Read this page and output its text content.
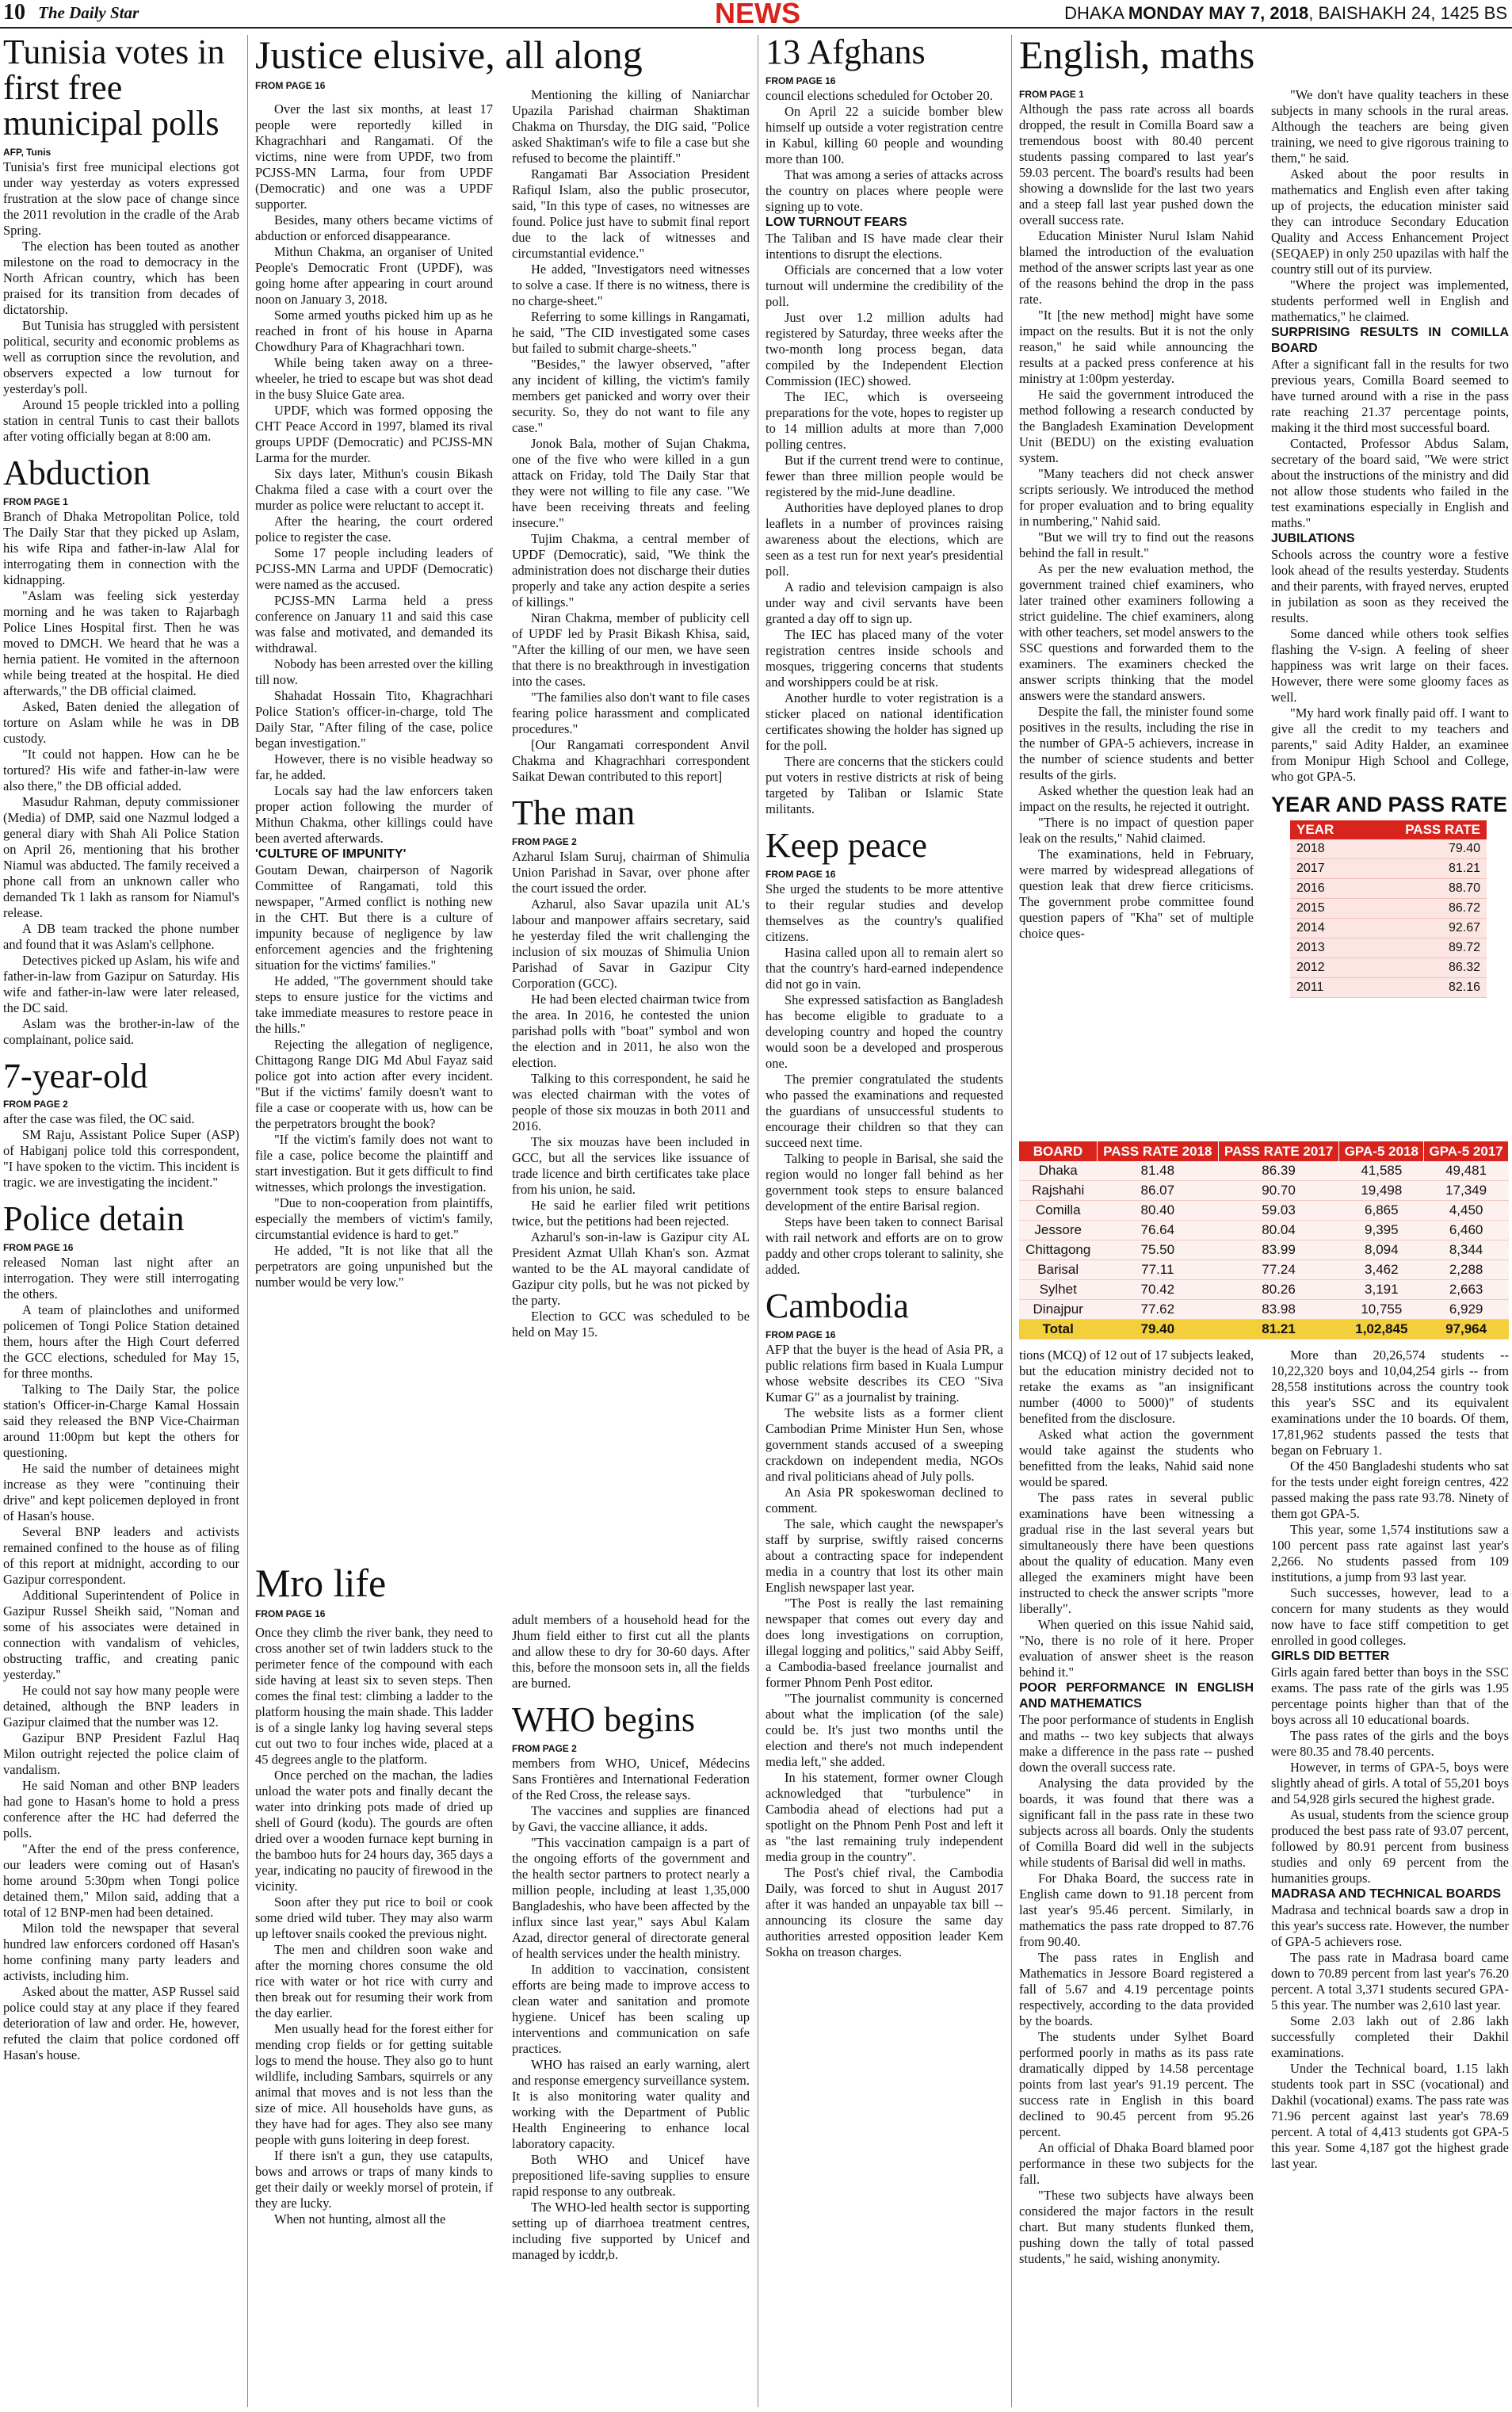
10 The Daily Star	NEWS	DHAKA MONDAY MAY 7, 2018, BAISHAKH 24, 1425 BS
Tunisia votes in first free municipal polls
AFP, Tunis

Tunisia's first free municipal elections got under way yesterday as voters expressed frustration at the slow pace of change since the 2011 revolution in the cradle of the Arab Spring.

The election has been touted as another milestone on the road to democracy in the North African country, which has been praised for its transition from decades of dictatorship.

But Tunisia has struggled with persistent political, security and economic problems as well as corruption since the revolution, and observers expected a low turnout for yesterday's poll.

Around 15 people trickled into a polling station in central Tunis to cast their ballots after voting officially began at 8:00 am.

Abduction
FROM PAGE 1

Branch of Dhaka Metropolitan Police, told The Daily Star that they picked up Aslam, his wife Ripa and father-in-law Alal for interrogating them in connection with the kidnapping.

"Aslam was feeling sick yesterday morning and he was taken to Rajarbagh Police Lines Hospital first. Then he was moved to DMCH. We heard that he was a hernia patient. He vomited in the afternoon while being treated at the hospital. He died afterwards," the DB official claimed.

Asked, Baten denied the allegation of torture on Aslam while he was in DB custody.

"It could not happen. How can he be tortured? His wife and father-in-law were also there," the DB official added.

Masudur Rahman, deputy commissioner (Media) of DMP, said one Nazmul lodged a general diary with Shah Ali Police Station on April 26, mentioning that his brother Niamul was abducted. The family received a phone call from an unknown caller who demanded Tk 1 lakh as ransom for Niamul's release.

A DB team tracked the phone number and found that it was Aslam's cellphone.

Detectives picked up Aslam, his wife and father-in-law from Gazipur on Saturday. His wife and father-in-law were later released, the DC said.

Aslam was the brother-in-law of the complainant, police said.

7-year-old
FROM PAGE 2

after the case was filed, the OC said.

SM Raju, Assistant Police Super (ASP) of Habiganj police told this correspondent, "I have spoken to the victim. This incident is tragic. we are investigating the incident."

Police detain
FROM PAGE 16

released Noman last night after an interrogation. They were still interrogating the others.

A team of plainclothes and uniformed policemen of Tongi Police Station detained them, hours after the High Court deferred the GCC elections, scheduled for May 15, for three months.

Talking to The Daily Star, the police station's Officer-in-Charge Kamal Hossain said they released the BNP Vice-Chairman around 11:00pm but kept the others for questioning.

He said the number of detainees might increase as they were "continuing their drive" and kept policemen deployed in front of Hasan's house.

Several BNP leaders and activists remained confined to the house as of filing of this report at midnight, according to our Gazipur correspondent.

Additional Superintendent of Police in Gazipur Russel Sheikh said, "Noman and some of his associates were detained in connection with vandalism of vehicles, obstructing traffic, and creating panic yesterday."

He could not say how many people were detained, although the BNP leaders in Gazipur claimed that the number was 12.

Gazipur BNP President Fazlul Haq Milon outright rejected the police claim of vandalism.

He said Noman and other BNP leaders had gone to Hasan's home to hold a press conference after the HC had deferred the polls.

"After the end of the press conference, our leaders were coming out of Hasan's home around 5:30pm when Tongi police detained them," Milon said, adding that a total of 12 BNP-men had been detained.

Milon told the newspaper that several hundred law enforcers cordoned off Hasan's home confining many party leaders and activists, including him.

Asked about the matter, ASP Russel said police could stay at any place if they feared deterioration of law and order. He, however, refuted the claim that police cordoned off Hasan's house.

Justice elusive, all along
FROM PAGE 16

Over the last six months, at least 17 people were reportedly killed in Khagrachhari and Rangamati. Of the victims, nine were from UPDF, two from PCJSS-MN Larma, four from UPDF (Democratic) and one was a UPDF supporter.

Besides, many others became victims of abduction or enforced disappearance.

Mithun Chakma, an organiser of United People's Democratic Front (UPDF), was going home after appearing in court around noon on January 3, 2018.

Some armed youths picked him up as he reached in front of his house in Aparna Chowdhury Para of Khagrachhari town.

While being taken away on a three-wheeler, he tried to escape but was shot dead in the busy Sluice Gate area.

UPDF, which was formed opposing the CHT Peace Accord in 1997, blamed its rival groups UPDF (Democratic) and PCJSS-MN Larma for the murder.

Six days later, Mithun's cousin Bikash Chakma filed a case with a court over the murder as police were reluctant to accept it.

After the hearing, the court ordered police to register the case.

Some 17 people including leaders of PCJSS-MN Larma and UPDF (Democratic) were named as the accused.

PCJSS-MN Larma held a press conference on January 11 and said this case was false and motivated, and demanded its withdrawal.

Nobody has been arrested over the killing till now.

Shahadat Hossain Tito, Khagrachhari Police Station's officer-in-charge, told The Daily Star, "After filing of the case, police began investigation."

However, there is no visible headway so far, he added.

Locals say had the law enforcers taken proper action following the murder of Mithun Chakma, other killings could have been averted afterwards.

'CULTURE OF IMPUNITY'

Goutam Dewan, chairperson of Nagorik Committee of Rangamati, told this newspaper, "Armed conflict is nothing new in the CHT. But there is a culture of impunity because of negligence by law enforcement agencies and the frightening situation for the victims' families."

He added, "The government should take steps to ensure justice for the victims and take immediate measures to restore peace in the hills."

Rejecting the allegation of negligence, Chittagong Range DIG Md Abul Fayaz said police got into action after every incident. "But if the victims' family doesn't want to file a case or cooperate with us, how can be the perpetrators brought the book?

"If the victim's family does not want to file a case, police become the plaintiff and start investigation. But it gets difficult to find witnesses, which prolongs the investigation.

"Due to non-cooperation from plaintiffs, especially the members of victim's family, circumstantial evidence is hard to get."

He added, "It is not like that all the perpetrators are going unpunished but the number would be very low."

Mentioning the killing of Naniarchar Upazila Parishad chairman Shaktiman Chakma on Thursday, the DIG said, "Police asked Shaktiman's wife to file a case but she refused to become the plaintiff."

Rangamati Bar Association President Rafiqul Islam, also the public prosecutor, said, "In this type of cases, no witnesses are found. Police just have to submit final report due to the lack of witnesses and circumstantial evidence."

He added, "Investigators need witnesses to solve a case. If there is no witness, there is no charge-sheet."

Referring to some killings in Rangamati, he said, "The CID investigated some cases but failed to submit charge-sheets."

"Besides," the lawyer observed, "after any incident of killing, the victim's family members get panicked and worry over their security. So, they do not want to file any case."

Jonok Bala, mother of Sujan Chakma, one of the five who were killed in a gun attack on Friday, told The Daily Star that they were not willing to file any case. "We have been receiving threats and feeling insecure."

Tujim Chakma, a central member of UPDF (Democratic), said, "We think the administration does not discharge their duties properly and take any action despite a series of killings."

Niran Chakma, member of publicity cell of UPDF led by Prasit Bikash Khisa, said, "After the killing of our men, we have seen that there is no breakthrough in investigation into the cases.

"The families also don't want to file cases fearing police harassment and complicated procedures."

[Our Rangamati correspondent Anvil Chakma and Khagrachhari correspondent Saikat Dewan contributed to this report]

The man
FROM PAGE 2

Azharul Islam Suruj, chairman of Shimulia Union Parishad in Savar, over phone after the court issued the order.

Azharul, also Savar upazila unit AL's labour and manpower affairs secretary, said he yesterday filed the writ challenging the inclusion of six mouzas of Shimulia Union Parishad of Savar in Gazipur City Corporation (GCC).

He had been elected chairman twice from the area. In 2016, he contested the union parishad polls with "boat" symbol and won the election and in 2011, he also won the election.

Talking to this correspondent, he said he was elected chairman with the votes of people of those six mouzas in both 2011 and 2016.

The six mouzas have been included in GCC, but all the services like issuance of trade licence and birth certificates take place from his union, he said.

He said he earlier filed writ petitions twice, but the petitions had been rejected.

Azharul's son-in-law is Gazipur city AL President Azmat Ullah Khan's son. Azmat wanted to be the AL mayoral candidate of Gazipur city polls, but he was not picked by the party.

Election to GCC was scheduled to be held on May 15.

Mro life
FROM PAGE 16

Once they climb the river bank, they need to cross another set of twin ladders stuck to the perimeter fence of the compound with each side having at least six to seven steps. Then comes the final test: climbing a ladder to the platform housing the main shade. This ladder is of a single lanky log having several steps cut out two to four inches wide, placed at a 45 degrees angle to the platform.

Once perched on the machan, the ladies unload the water pots and finally decant the water into drinking pots made of dried up shell of Gourd (kodu). The gourds are often dried over a wooden furnace kept burning in the bamboo huts for 24 hours day, 365 days a year, indicating no paucity of firewood in the vicinity.

Soon after they put rice to boil or cook some dried wild tuber. They may also warm up leftover snails cooked the previous night.

The men and children soon wake and after the morning chores consume the old rice with water or hot rice with curry and then break out for resuming their work from the day earlier.

Men usually head for the forest either for mending crop fields or for getting suitable logs to mend the house. They also go to hunt wildlife, including Sambars, squirrels or any animal that moves and is not less than the size of mice. All households have guns, as they have had for ages. They also see many people with guns loitering in deep forest.

If there isn't a gun, they use catapults, bows and arrows or traps of many kinds to get their daily or weekly morsel of protein, if they are lucky.

When not hunting, almost all the

adult members of a household head for the Jhum field either to first cut all the plants and allow these to dry for 30-60 days. After this, before the monsoon sets in, all the fields are burned.

WHO begins
FROM PAGE 2

members from WHO, Unicef, Médecins Sans Frontières and International Federation of the Red Cross, the release says.

The vaccines and supplies are financed by Gavi, the vaccine alliance, it adds.

"This vaccination campaign is a part of the ongoing efforts of the government and the health sector partners to protect nearly a million people, including at least 1,35,000 Bangladeshis, who have been affected by the influx since last year," says Abul Kalam Azad, director general of directorate general of health services under the health ministry.

In addition to vaccination, consistent efforts are being made to improve access to clean water and sanitation and promote hygiene. Unicef has been scaling up interventions and communication on safe practices.

WHO has raised an early warning, alert and response emergency surveillance system. It is also monitoring water quality and working with the Department of Public Health Engineering to enhance local laboratory capacity.

Both WHO and Unicef have prepositioned life-saving supplies to ensure rapid response to any outbreak.

The WHO-led health sector is supporting setting up of diarrhoea treatment centres, including five supported by Unicef and managed by icddr,b.

13 Afghans
FROM PAGE 16

council elections scheduled for October 20.

On April 22 a suicide bomber blew himself up outside a voter registration centre in Kabul, killing 60 people and wounding more than 100.

That was among a series of attacks across the country on places where people were signing up to vote.

LOW TURNOUT FEARS

The Taliban and IS have made clear their intentions to disrupt the elections.

Officials are concerned that a low voter turnout will undermine the credibility of the poll.

Just over 1.2 million adults had registered by Saturday, three weeks after the two-month long process began, data compiled by the Independent Election Commission (IEC) showed.

The IEC, which is overseeing preparations for the vote, hopes to register up to 14 million adults at more than 7,000 polling centres.

But if the current trend were to continue, fewer than three million people would be registered by the mid-June deadline.

Authorities have deployed planes to drop leaflets in a number of provinces raising awareness about the elections, which are seen as a test run for next year's presidential poll.

A radio and television campaign is also under way and civil servants have been granted a day off to sign up.

The IEC has placed many of the voter registration centres inside schools and mosques, triggering concerns that students and worshippers could be at risk.

Another hurdle to voter registration is a sticker placed on national identification certificates showing the holder has signed up for the poll.

There are concerns that the stickers could put voters in restive districts at risk of being targeted by Taliban or Islamic State militants.

Keep peace
FROM PAGE 16

She urged the students to be more attentive to their regular studies and develop themselves as the country's qualified citizens.

Hasina called upon all to remain alert so that the country's hard-earned independence did not go in vain.

She expressed satisfaction as Bangladesh has become eligible to graduate to a developing country and hoped the country would soon be a developed and prosperous one.

The premier congratulated the students who passed the examinations and requested the guardians of unsuccessful students to encourage their children so that they can succeed next time.

Talking to people in Barisal, she said the region would no longer fall behind as her government took steps to ensure balanced development of the entire Barisal region.

Steps have been taken to connect Barisal with rail network and efforts are on to grow paddy and other crops tolerant to salinity, she added.

Cambodia
FROM PAGE 16

AFP that the buyer is the head of Asia PR, a public relations firm based in Kuala Lumpur whose website describes its CEO "Siva Kumar G" as a journalist by training.

The website lists as a former client Cambodian Prime Minister Hun Sen, whose government stands accused of a sweeping crackdown on independent media, NGOs and rival politicians ahead of July polls.

An Asia PR spokeswoman declined to comment.

The sale, which caught the newspaper's staff by surprise, swiftly raised concerns about a contracting space for independent media in a country that lost its other main English newspaper last year.

"The Post is really the last remaining newspaper that comes out every day and does long investigations on corruption, illegal logging and politics," said Abby Seiff, a Cambodia-based freelance journalist and former Phnom Penh Post editor.

"The journalist community is concerned about what the implication (of the sale) could be. It's just two months until the election and there's not much independent media left," she added.

In his statement, former owner Clough acknowledged that "turbulence" in Cambodia ahead of elections had put a spotlight on the Phnom Penh Post and left it as "the last remaining truly independent media group in the country".

The Post's chief rival, the Cambodia Daily, was forced to shut in August 2017 after it was handed an unpayable tax bill -- announcing its closure the same day authorities arrested opposition leader Kem Sokha on treason charges.

English, maths
FROM PAGE 1

Although the pass rate across all boards dropped, the result in Comilla Board saw a tremendous boost with 80.40 percent students passing compared to last year's 59.03 percent. The board's results had been showing a downslide for the last two years and a steep fall last year pushed down the overall success rate.

Education Minister Nurul Islam Nahid blamed the introduction of the evaluation method of the answer scripts last year as one of the reasons behind the drop in the pass rate.

"It [the new method] might have some impact on the results. But it is not the only reason," he said while announcing the results at a packed press conference at his ministry at 1:00pm yesterday.

He said the government introduced the method following a research conducted by the Bangladesh Examination Development Unit (BEDU) on the existing evaluation system.

"Many teachers did not check answer scripts seriously. We introduced the method for proper evaluation and to bring equality in numbering," Nahid said.

"But we will try to find out the reasons behind the fall in result."

As per the new evaluation method, the government trained chief examiners, who later trained other examiners following a strict guideline. The chief examiners, along with other teachers, set model answers to the SSC questions and forwarded them to the examiners. The examiners checked the answer scripts thinking that the model answers were the standard answers.

Despite the fall, the minister found some positives in the results, including the rise in the number of GPA-5 achievers, increase in the number of science students and better results of the girls.

Asked whether the question leak had an impact on the results, he rejected it outright.

"There is no impact of question paper leak on the results," Nahid claimed.

The examinations, held in February, were marred by widespread allegations of question leak that drew fierce criticisms. The government probe committee found question papers of "Kha" set of multiple choice ques-

"We don't have quality teachers in these subjects in many schools in the rural areas. Although the teachers are being given training, we need to give rigorous training to them," he said.

Asked about the poor results in mathematics and English even after taking up of projects, the education minister said they can introduce Secondary Education Quality and Access Enhancement Project (SEQAEP) in only 250 upazilas with half the country still out of its purview.

"Where the project was implemented, students performed well in English and mathematics," he claimed.

SURPRISING RESULTS IN COMILLA BOARD

After a significant fall in the results for two previous years, Comilla Board seemed to have turned around with a rise in the pass rate reaching 21.37 percentage points, making it the third most successful board.

Contacted, Professor Abdus Salam, secretary of the board said, "We were strict about the instructions of the ministry and did not allow those students who failed in the test examinations especially in English and maths."

JUBILATIONS

Schools across the country wore a festive look ahead of the results yesterday. Students and their parents, with frayed nerves, erupted in jubilation as soon as they received the results.

Some danced while others took selfies flashing the V-sign. A feeling of sheer happiness was writ large on their faces. However, there were some gloomy faces as well.

"My hard work finally paid off. I want to give all the credit to my teachers and parents," said Adity Halder, an examinee from Monipur High School and College, who got GPA-5.

YEAR AND PASS RATE
YEAR	PASS RATE
2018	79.40
2017	81.21
2016	88.70
2015	86.72
2014	92.67
2013	89.72
2012	86.32
2011	82.16
BOARD	PASS RATE 2018	PASS RATE 2017	GPA-5 2018	GPA-5 2017
Dhaka	81.48	86.39	41,585	49,481
Rajshahi	86.07	90.70	19,498	17,349
Comilla	80.40	59.03	6,865	4,450
Jessore	76.64	80.04	9,395	6,460
Chittagong	75.50	83.99	8,094	8,344
Barisal	77.11	77.24	3,462	2,288
Sylhet	70.42	80.26	3,191	2,663
Dinajpur	77.62	83.98	10,755	6,929
Total	79.40	81.21	1,02,845	97,964

tions (MCQ) of 12 out of 17 subjects leaked, but the education ministry decided not to retake the exams as "an insignificant number (4000 to 5000)" of students benefited from the disclosure.

Asked what action the government would take against the students who benefitted from the leaks, Nahid said none would be spared.

The pass rates in several public examinations have been witnessing a gradual rise in the last several years but simultaneously there have been questions about the quality of education. Many even alleged the examiners might have been instructed to check the answer scripts "more liberally".

When queried on this issue Nahid said, "No, there is no role of it here. Proper evaluation of answer sheet is the reason behind it."

POOR PERFORMANCE IN ENGLISH AND MATHEMATICS

The poor performance of students in English and maths -- two key subjects that always make a difference in the pass rate -- pushed down the overall success rate.

Analysing the data provided by the boards, it was found that there was a significant fall in the pass rate in these two subjects across all boards. Only the students of Comilla Board did well in the subjects while students of Barisal did well in maths.

For Dhaka Board, the success rate in English came down to 91.18 percent from last year's 95.46 percent. Similarly, in mathematics the pass rate dropped to 87.76 from 90.40.

The pass rates in English and Mathematics in Jessore Board registered a fall of 5.67 and 4.19 percentage points respectively, according to the data provided by the boards.

The students under Sylhet Board performed poorly in maths as its pass rate dramatically dipped by 14.58 percentage points from last year's 91.19 percent. The success rate in English in this board declined to 90.45 percent from 95.26 percent.

An official of Dhaka Board blamed poor performance in these two subjects for the fall.

"These two subjects have always been considered the major factors in the result chart. But many students flunked them, pushing down the tally of total passed students," he said, wishing anonymity.

More than 20,26,574 students -- 10,22,320 boys and 10,04,254 girls -- from 28,558 institutions across the country took this year's SSC and its equivalent examinations under the 10 boards. Of them, 17,81,962 students passed the tests that began on February 1.

Of the 450 Bangladeshi students who sat for the tests under eight foreign centres, 422 passed making the pass rate 93.78. Ninety of them got GPA-5.

This year, some 1,574 institutions saw a 100 percent pass rate against last year's 2,266. No students passed from 109 institutions, a jump from 93 last year.

Such successes, however, lead to a concern for many students as they would now have to face stiff competition to get enrolled in good colleges.

GIRLS DID BETTER

Girls again fared better than boys in the SSC exams. The pass rate of the girls was 1.95 percentage points higher than that of the boys across all 10 educational boards.

The pass rates of the girls and the boys were 80.35 and 78.40 percents.

However, in terms of GPA-5, boys were slightly ahead of girls. A total of 55,201 boys and 54,928 girls secured the highest grade.

As usual, students from the science group produced the best pass rate of 93.07 percent, followed by 80.91 percent from business studies and only 69 percent from the humanities groups.

MADRASA AND TECHNICAL BOARDS

Madrasa and technical boards saw a drop in this year's success rate. However, the number of GPA-5 achievers rose.

The pass rate in Madrasa board came down to 70.89 percent from last year's 76.20 percent. A total 3,371 students secured GPA-5 this year. The number was 2,610 last year.

Some 2.03 lakh out of 2.86 lakh successfully completed their Dakhil examinations.

Under the Technical board, 1.15 lakh students took part in SSC (vocational) and Dakhil (vocational) exams. The pass rate was 71.96 percent against last year's 78.69 percent. A total of 4,413 students got GPA-5 this year. Some 4,187 got the highest grade last year.
